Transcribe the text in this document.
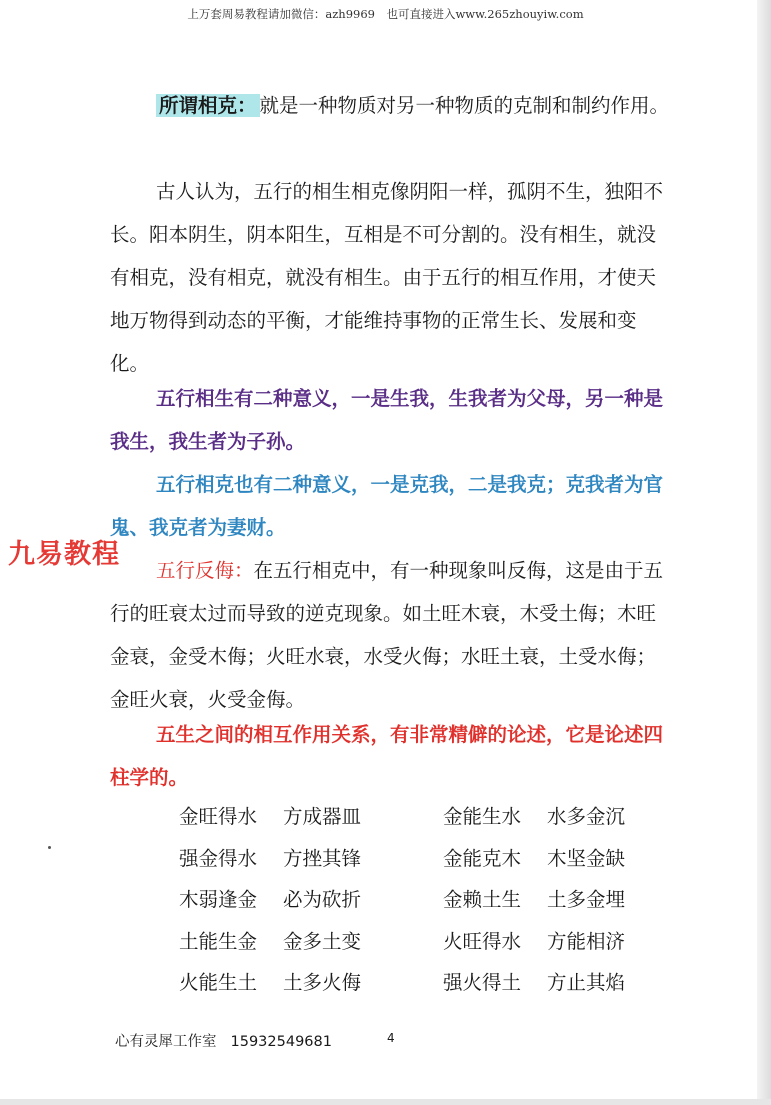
上万套周易教程请加微信：azh9969　也可直接进入www.265zhouyiw.com

所谓相克： 就是一种物质对另一种物质的克制和制约作用。

古人认为，五行的相生相克像阴阳一样，孤阴不生，独阳不长。阳本阴生，阴本阳生，互相是不可分割的。没有相生，就没有相克，没有相克，就没有相生。由于五行的相互作用，才使天地万物得到动态的平衡，才能维持事物的正常生长、发展和变化。

五行相生有二种意义，一是生我，生我者为父母，另一种是我生，我生者为子孙。

五行相克也有二种意义，一是克我，二是我克；克我者为官鬼、我克者为妻财。

九易教程

五行反侮：在五行相克中，有一种现象叫反侮，这是由于五行的旺衰太过而导致的逆克现象。如土旺木衰，木受土侮；木旺金衰，金受木侮；火旺水衰，水受火侮；水旺土衰，土受水侮；金旺火衰，火受金侮。

五生之间的相互作用关系，有非常精僻的论述，它是论述四柱学的。

金旺得水 方成器皿
强金得水 方挫其锋
木弱逢金 必为砍折
土能生金 金多土变
火能生土 土多火侮
金能生水 水多金沉
金能克木 木坚金缺
金赖土生 土多金埋
火旺得水 方能相济
强火得土 方止其焰
心有灵犀工作室 15932549681	4
